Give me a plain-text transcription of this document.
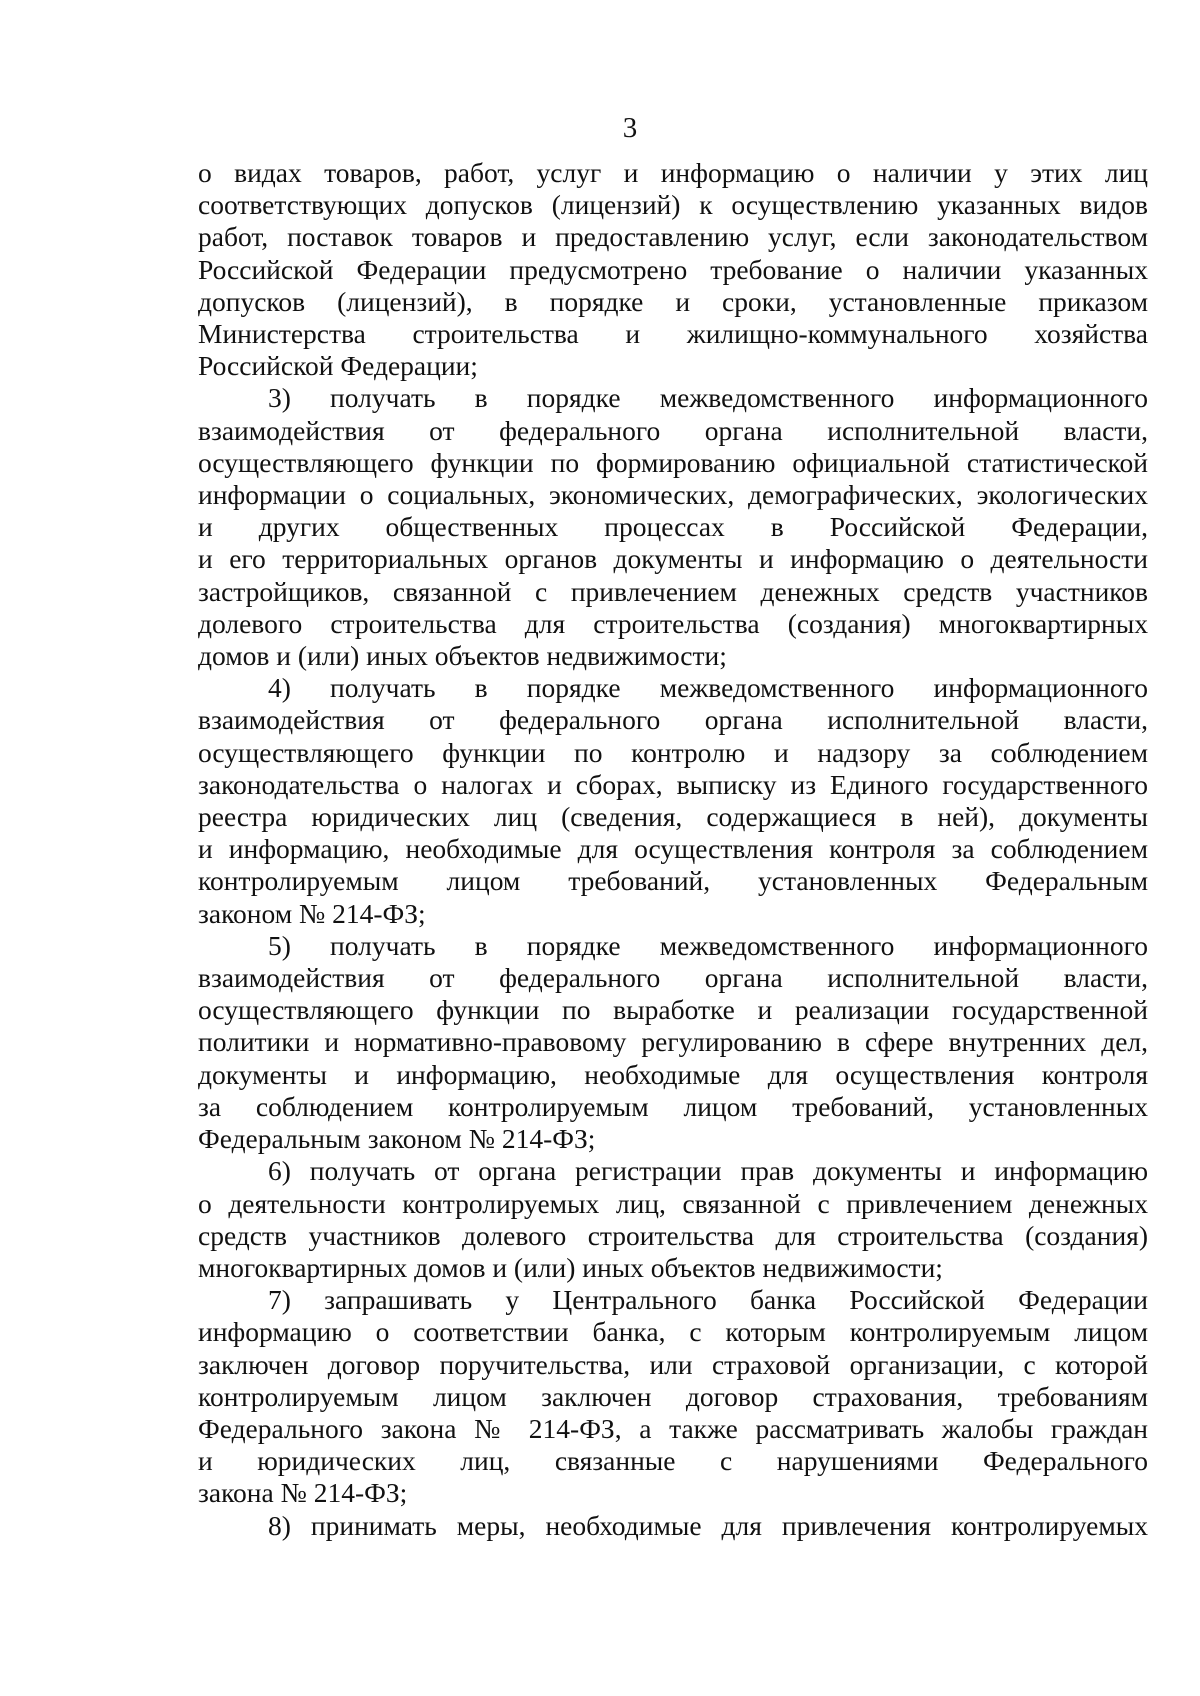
3
о видах товаров, работ, услуг и информацию о наличии у этих лиц
соответствующих допусков (лицензий) к осуществлению указанных видов
работ, поставок товаров и предоставлению услуг, если законодательством
Российской Федерации предусмотрено требование о наличии указанных
допусков (лицензий), в порядке и сроки, установленные приказом
Министерства строительства и жилищно-коммунального хозяйства
Российской Федерации;
3) получать в порядке межведомственного информационного
взаимодействия от федерального органа исполнительной власти,
осуществляющего функции по формированию официальной статистической
информации о социальных, экономических, демографических, экологических
и других общественных процессах в Российской Федерации,
и его территориальных органов документы и информацию о деятельности
застройщиков, связанной с привлечением денежных средств участников
долевого строительства для строительства (создания) многоквартирных
домов и (или) иных объектов недвижимости;
4) получать в порядке межведомственного информационного
взаимодействия от федерального органа исполнительной власти,
осуществляющего функции по контролю и надзору за соблюдением
законодательства о налогах и сборах, выписку из Единого государственного
реестра юридических лиц (сведения, содержащиеся в ней), документы
и информацию, необходимые для осуществления контроля за соблюдением
контролируемым лицом требований, установленных Федеральным
законом № 214-ФЗ;
5) получать в порядке межведомственного информационного
взаимодействия от федерального органа исполнительной власти,
осуществляющего функции по выработке и реализации государственной
политики и нормативно-правовому регулированию в сфере внутренних дел,
документы и информацию, необходимые для осуществления контроля
за соблюдением контролируемым лицом требований, установленных
Федеральным законом № 214-ФЗ;
6) получать от органа регистрации прав документы и информацию
о деятельности контролируемых лиц, связанной с привлечением денежных
средств участников долевого строительства для строительства (создания)
многоквартирных домов и (или) иных объектов недвижимости;
7) запрашивать у Центрального банка Российской Федерации
информацию о соответствии банка, с которым контролируемым лицом
заключен договор поручительства, или страховой организации, с которой
контролируемым лицом заключен договор страхования, требованиям
Федерального закона № 214-ФЗ, а также рассматривать жалобы граждан
и юридических лиц, связанные с нарушениями Федерального
закона № 214-ФЗ;
8) принимать меры, необходимые для привлечения контролируемых
